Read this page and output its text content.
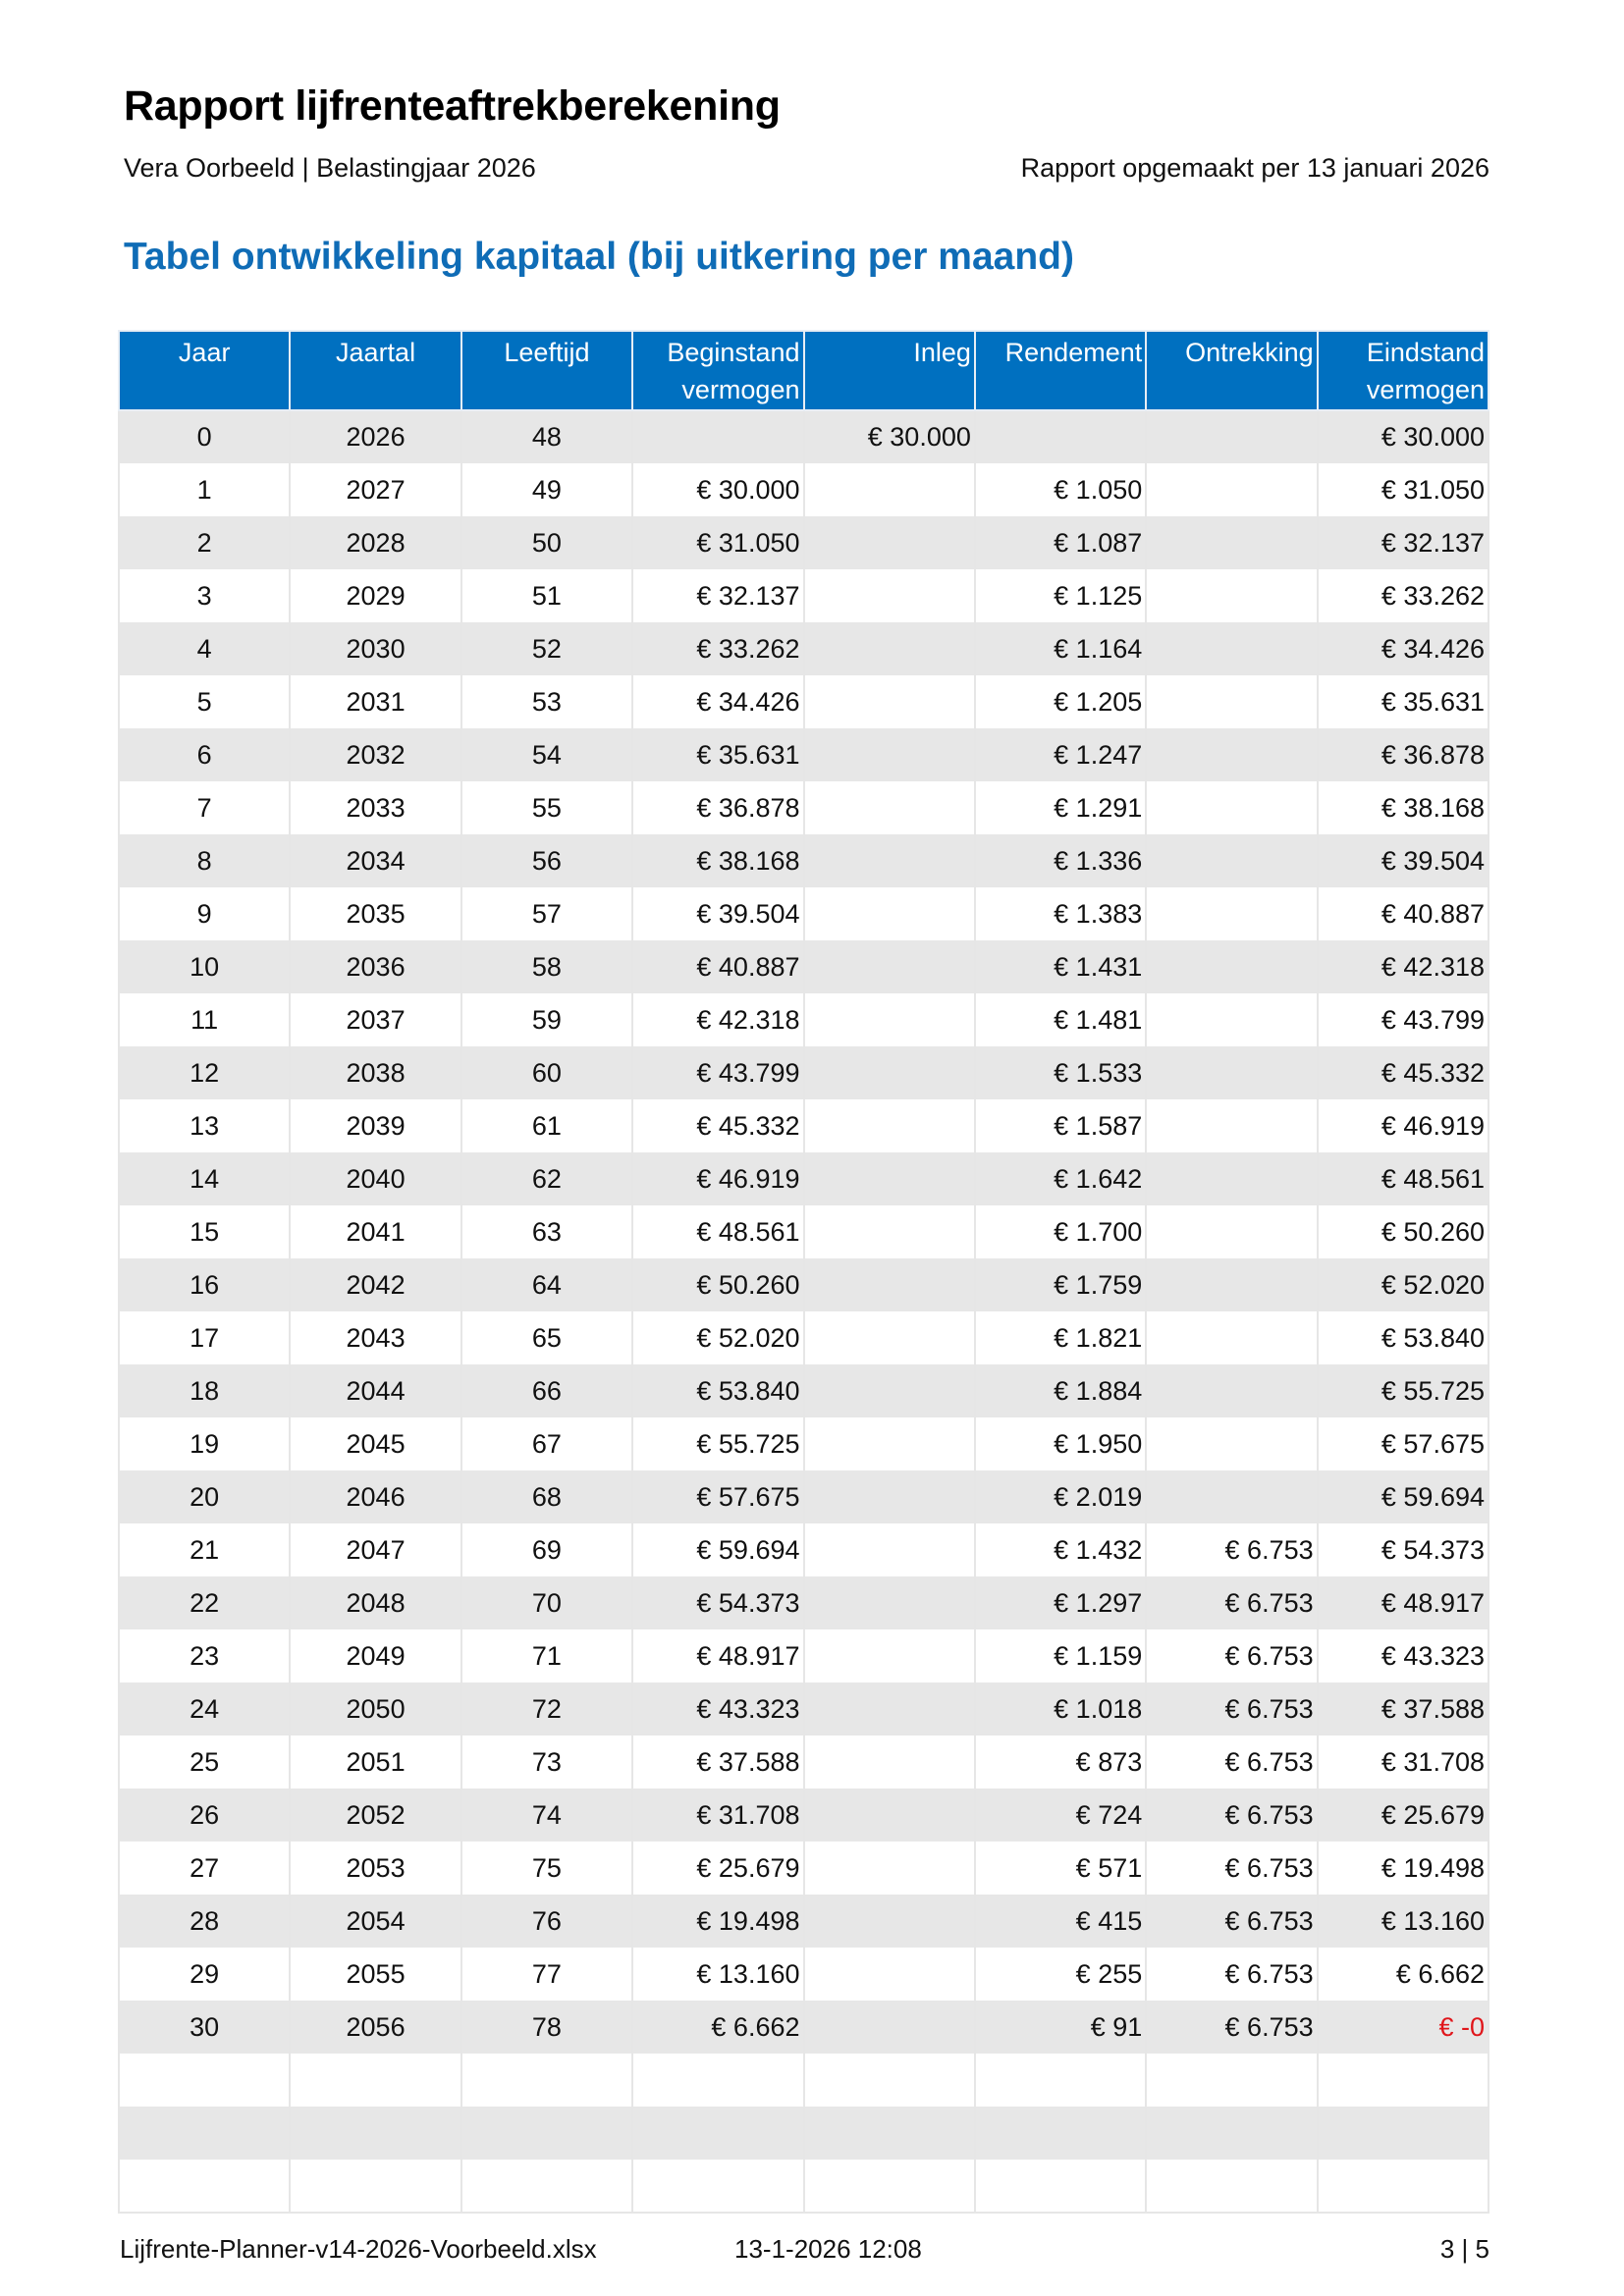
Rapport lijfrenteaftrekberekening
Vera Oorbeeld | Belastingjaar 2026	Rapport opgemaakt per 13 januari 2026
Tabel ontwikkeling kapitaal (bij uitkering per maand)
Jaar	Jaartal	Leeftijd	Beginstand vermogen	Inleg	Rendement	Ontrekking	Eindstand vermogen
0	2026	48		€ 30.000			€ 30.000
1	2027	49	€ 30.000		€ 1.050		€ 31.050
2	2028	50	€ 31.050		€ 1.087		€ 32.137
3	2029	51	€ 32.137		€ 1.125		€ 33.262
4	2030	52	€ 33.262		€ 1.164		€ 34.426
5	2031	53	€ 34.426		€ 1.205		€ 35.631
6	2032	54	€ 35.631		€ 1.247		€ 36.878
7	2033	55	€ 36.878		€ 1.291		€ 38.168
8	2034	56	€ 38.168		€ 1.336		€ 39.504
9	2035	57	€ 39.504		€ 1.383		€ 40.887
10	2036	58	€ 40.887		€ 1.431		€ 42.318
11	2037	59	€ 42.318		€ 1.481		€ 43.799
12	2038	60	€ 43.799		€ 1.533		€ 45.332
13	2039	61	€ 45.332		€ 1.587		€ 46.919
14	2040	62	€ 46.919		€ 1.642		€ 48.561
15	2041	63	€ 48.561		€ 1.700		€ 50.260
16	2042	64	€ 50.260		€ 1.759		€ 52.020
17	2043	65	€ 52.020		€ 1.821		€ 53.840
18	2044	66	€ 53.840		€ 1.884		€ 55.725
19	2045	67	€ 55.725		€ 1.950		€ 57.675
20	2046	68	€ 57.675		€ 2.019		€ 59.694
21	2047	69	€ 59.694		€ 1.432	€ 6.753	€ 54.373
22	2048	70	€ 54.373		€ 1.297	€ 6.753	€ 48.917
23	2049	71	€ 48.917		€ 1.159	€ 6.753	€ 43.323
24	2050	72	€ 43.323		€ 1.018	€ 6.753	€ 37.588
25	2051	73	€ 37.588		€ 873	€ 6.753	€ 31.708
26	2052	74	€ 31.708		€ 724	€ 6.753	€ 25.679
27	2053	75	€ 25.679		€ 571	€ 6.753	€ 19.498
28	2054	76	€ 19.498		€ 415	€ 6.753	€ 13.160
29	2055	77	€ 13.160		€ 255	€ 6.753	€ 6.662
30	2056	78	€ 6.662		€ 91	€ 6.753	€ -0

Lijfrente-Planner-v14-2026-Voorbeeld.xlsx	13-1-2026 12:08	3 | 5
